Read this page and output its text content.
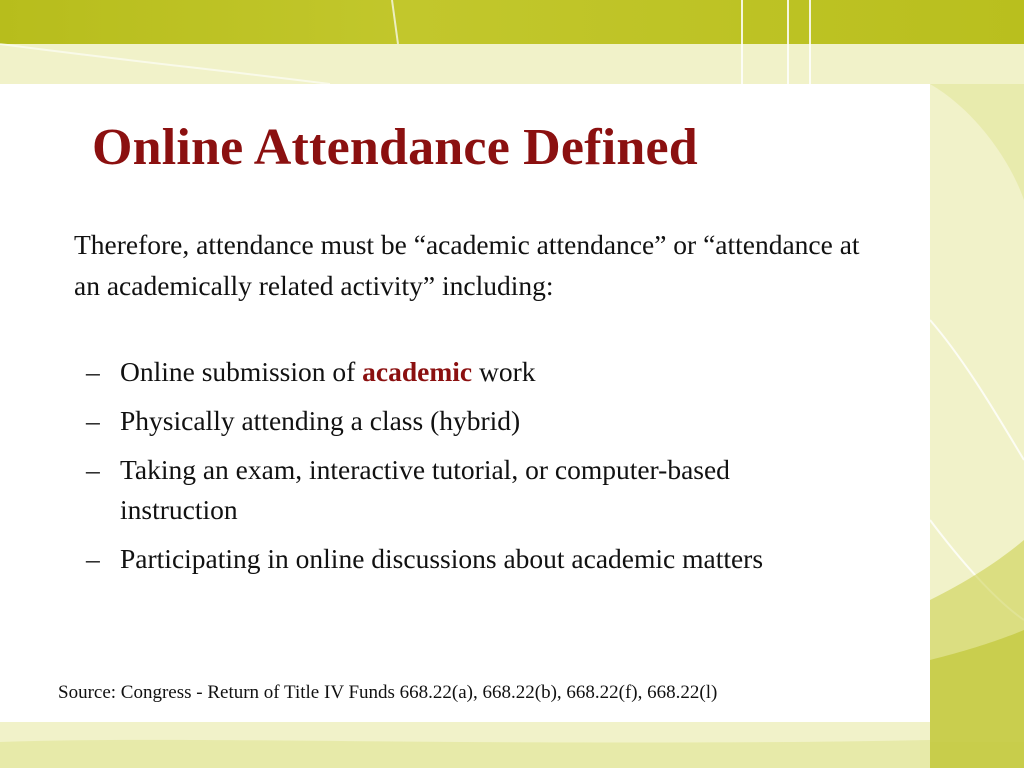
Online Attendance Defined

Therefore, attendance must be “academic attendance” or “attendance at an academically related activity” including:

– Online submission of academic work
– Physically attending a class (hybrid)
– Taking an exam, interactive tutorial, or computer-based instruction
– Participating in online discussions about academic matters

Source: Congress - Return of Title IV Funds 668.22(a), 668.22(b), 668.22(f), 668.22(l)
